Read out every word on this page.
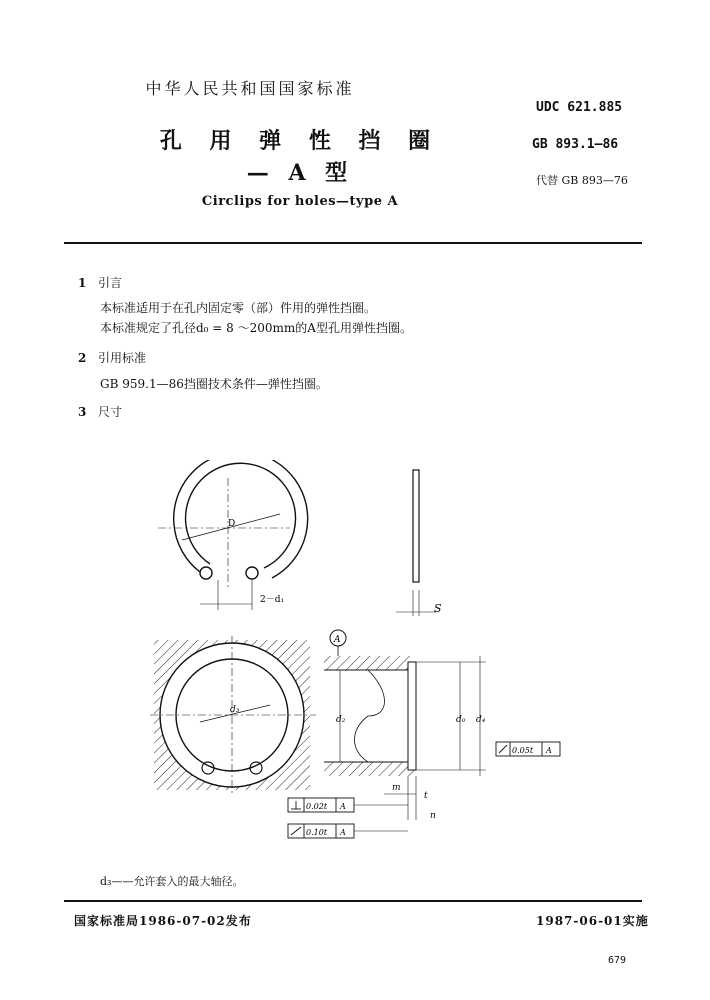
中华人民共和国国家标准
孔 用 弹 性 挡 圈
— A 型
Circlips for holes—type A
UDC 621.885
GB 893.1—86
代替 GB 893—76
1 引言
本标准适用于在孔内固定零（部）件用的弹性挡圈。
本标准规定了孔径d₀ = 8 ～200mm的A型孔用弹性挡圈。
2 引用标准
GB 959.1—86挡圈技术条件—弹性挡圈。
3 尺寸
D
2－d₁
S
d₃
A
d₂	d₀ d₄
m
t
n
0.05t A
0.02t A
0.10t A
d₃——允许套入的最大轴径。
国家标准局1986-07-02发布	1987-06-01实施
679
